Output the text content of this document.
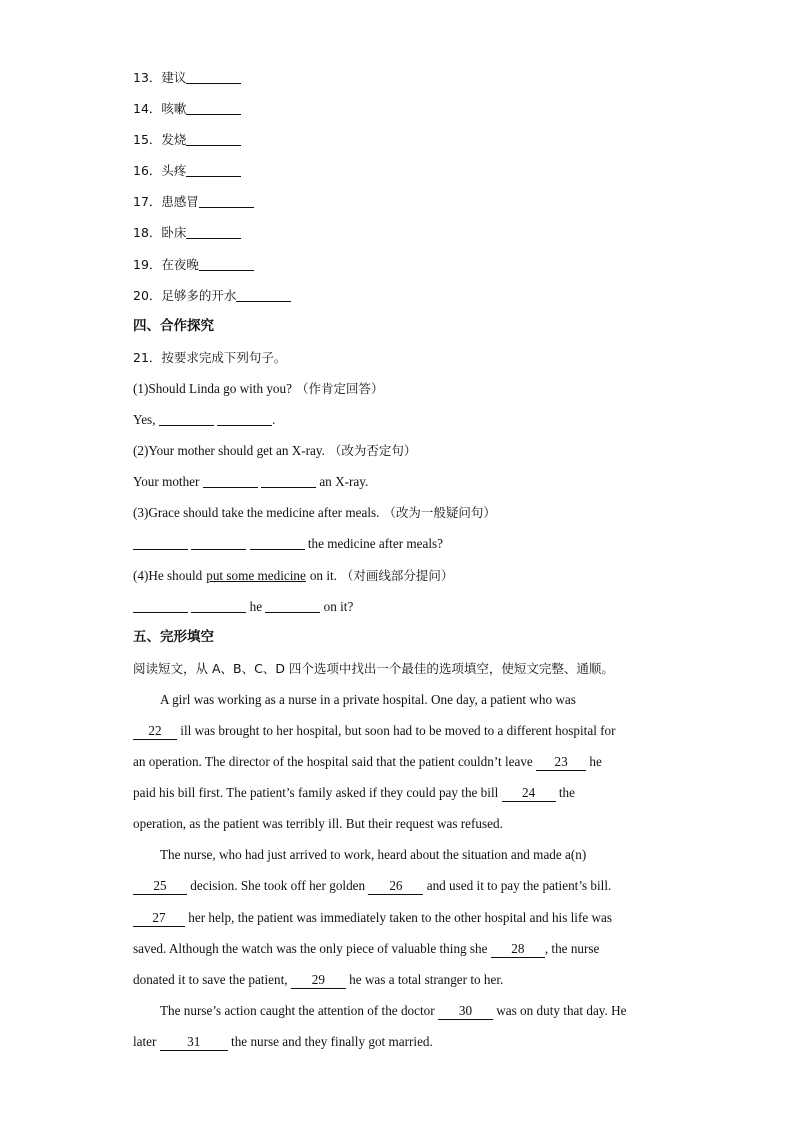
13．建议
14．咳嗽
15．发烧
16．头疼
17．患感冒
18．卧床
19．在夜晚
20．足够多的开水
四、合作探究
21．按要求完成下列句子。
(1)Should Linda go with you? （作肯定回答）
Yes,	.
(2)Your mother should get an X-ray. （改为否定句）
Your mother	an X-ray.
(3)Grace should take the medicine after meals. （改为一般疑问句）
the medicine after meals?
(4)He should put some medicine on it. （对画线部分提问）
he	on it?
五、完形填空
阅读短文，从 A、B、C、D 四个选项中找出一个最佳的选项填空，使短文完整、通顺。
A girl was working as a nurse in a private hospital. One day, a patient who was
22 ill was brought to her hospital, but soon had to be moved to a different hospital for
an operation. The director of the hospital said that the patient couldn’t leave 23 he
paid his bill first. The patient’s family asked if they could pay the bill 24 the
operation, as the patient was terribly ill. But their request was refused.
The nurse, who had just arrived to work, heard about the situation and made a(n)
25 decision. She took off her golden 26 and used it to pay the patient’s bill.
27 her help, the patient was immediately taken to the other hospital and his life was
saved. Although the watch was the only piece of valuable thing she 28 , the nurse
donated it to save the patient, 29 he was a total stranger to her.
The nurse’s action caught the attention of the doctor 30 was on duty that day. He
later 31 the nurse and they finally got married.
